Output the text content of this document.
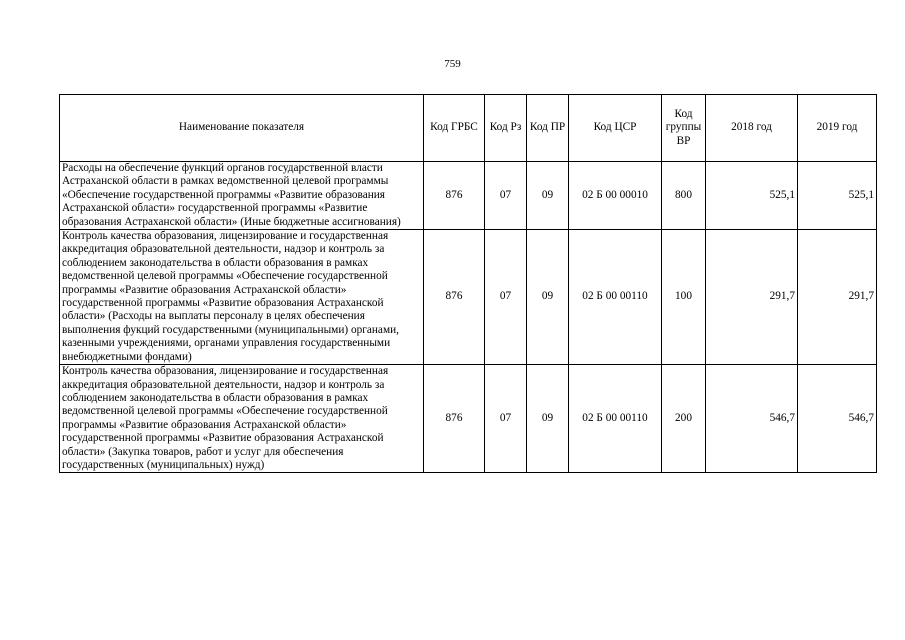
759
Наименование показателя	Код ГРБС	Код Рз	Код ПР	Код ЦСР	Код группы ВР	2018 год	2019 год
Расходы на обеспечение функций органов государственной власти Астраханской области в рамках ведомственной целевой программы «Обеспечение государственной программы «Развитие образования Астраханской области» государственной программы «Развитие образования Астраханской области» (Иные бюджетные ассигнования)	876	07	09	02 Б 00 00010	800	525,1	525,1
Контроль качества образования, лицензирование и государственная аккредитация образовательной деятельности, надзор и контроль за соблюдением законодательства в области образования в рамках ведомственной целевой программы «Обеспечение государственной программы «Развитие образования Астраханской области» государственной программы «Развитие образования Астраханской области» (Расходы на выплаты персоналу в целях обеспечения выполнения фукций государственными (муниципальными) органами, казенными учреждениями, органами управления государственными внебюджетными фондами)	876	07	09	02 Б 00 00110	100	291,7	291,7
Контроль качества образования, лицензирование и государственная аккредитация образовательной деятельности, надзор и контроль за соблюдением законодательства в области образования в рамках ведомственной целевой программы «Обеспечение государственной программы «Развитие образования Астраханской области» государственной программы «Развитие образования Астраханской области» (Закупка товаров, работ и услуг для обеспечения государственных (муниципальных) нужд)	876	07	09	02 Б 00 00110	200	546,7	546,7
